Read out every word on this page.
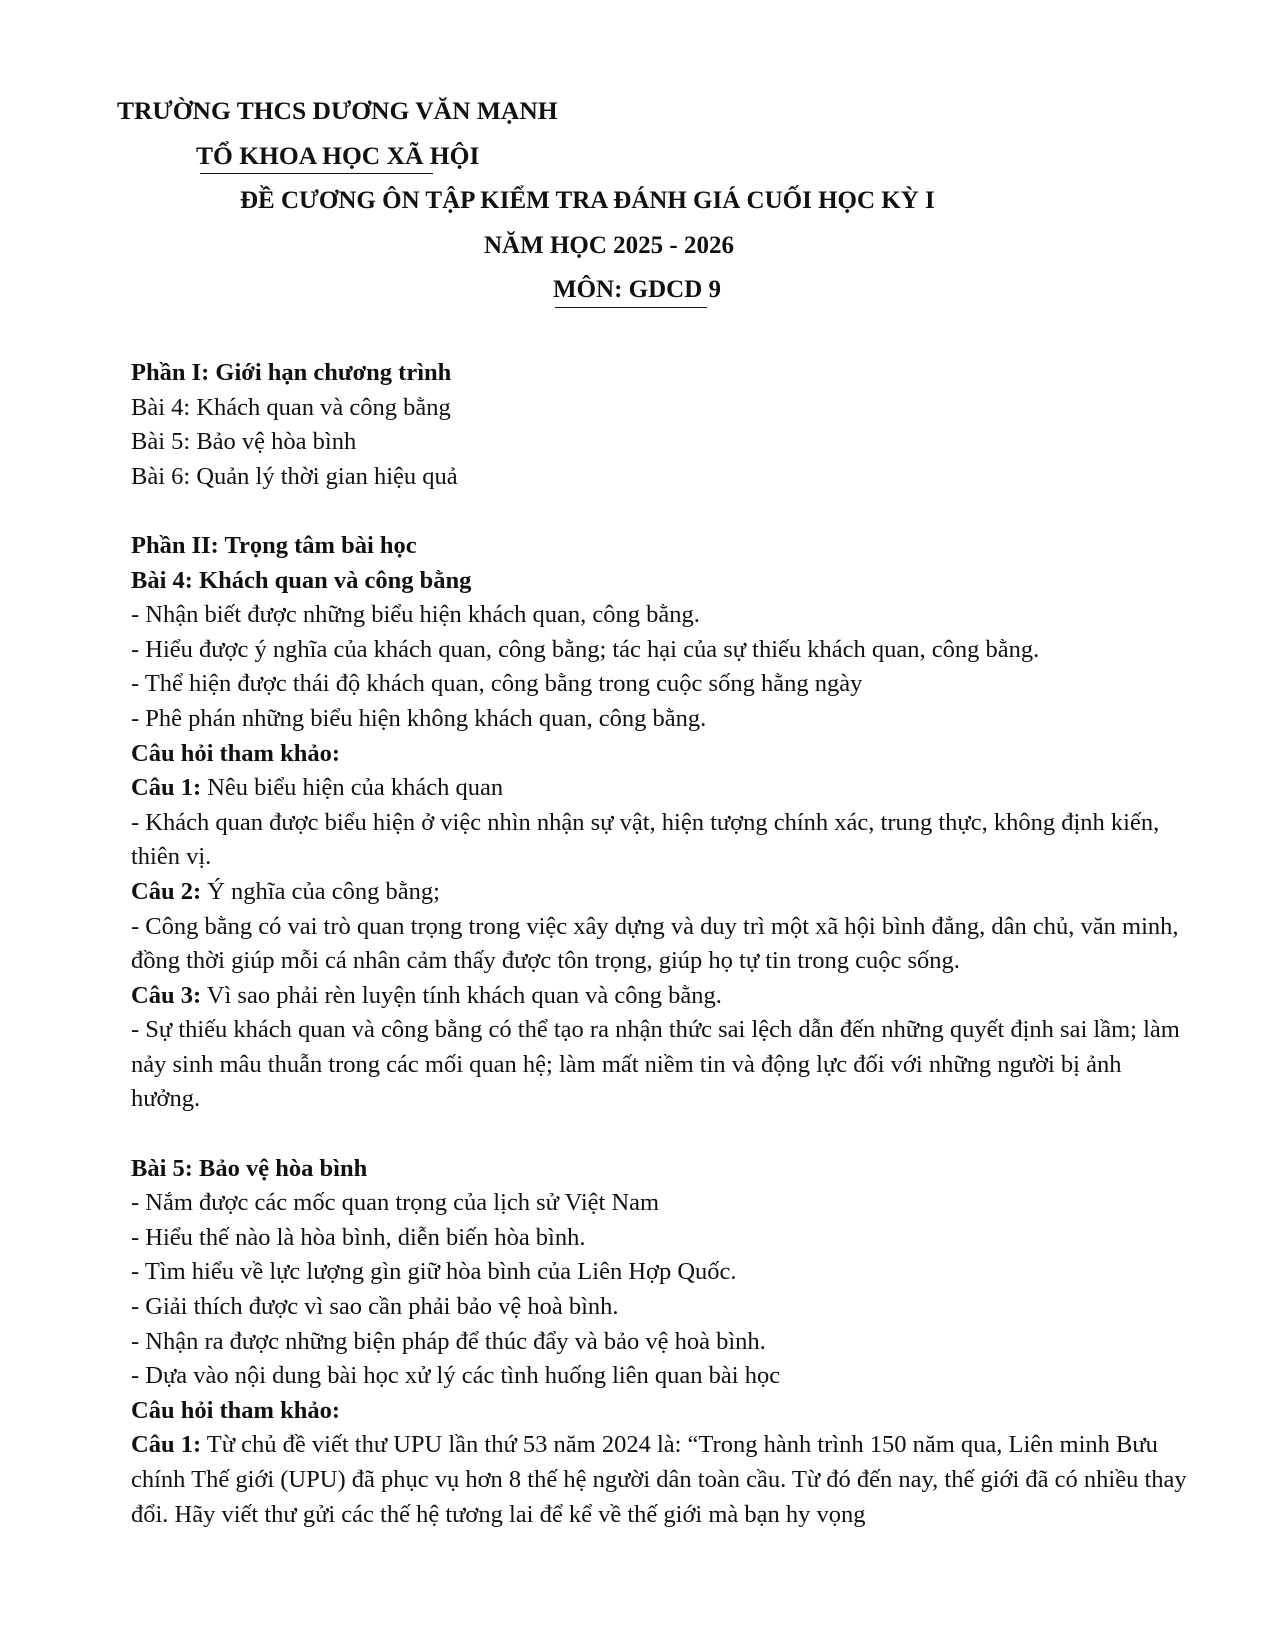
TRƯỜNG THCS DƯƠNG VĂN MẠNH
TỔ KHOA HỌC XÃ HỘI
ĐỀ CƯƠNG ÔN TẬP KIỂM TRA ĐÁNH GIÁ CUỐI HỌC KỲ I
NĂM HỌC 2025 - 2026
MÔN: GDCD 9

Phần I: Giới hạn chương trình

Bài 4: Khách quan và công bằng

Bài 5: Bảo vệ hòa bình

Bài 6: Quản lý thời gian hiệu quả

Phần II: Trọng tâm bài học

Bài 4: Khách quan và công bằng

- Nhận biết được những biểu hiện khách quan, công bằng.

- Hiểu được ý nghĩa của khách quan, công bằng; tác hại của sự thiếu khách quan, công bằng.

- Thể hiện được thái độ khách quan, công bằng trong cuộc sống hằng ngày

- Phê phán những biểu hiện không khách quan, công bằng.

Câu hỏi tham khảo:

Câu 1: Nêu biểu hiện của khách quan

- Khách quan được biểu hiện ở việc nhìn nhận sự vật, hiện tượng chính xác, trung thực, không định kiến, thiên vị.

Câu 2: Ý nghĩa của công bằng;

- Công bằng có vai trò quan trọng trong việc xây dựng và duy trì một xã hội bình đẳng, dân chủ, văn minh, đồng thời giúp mỗi cá nhân cảm thấy được tôn trọng, giúp họ tự tin trong cuộc sống.

Câu 3: Vì sao phải rèn luyện tính khách quan và công bằng.

- Sự thiếu khách quan và công bằng có thể tạo ra nhận thức sai lệch dẫn đến những quyết định sai lầm; làm nảy sinh mâu thuẫn trong các mối quan hệ; làm mất niềm tin và động lực đối với những người bị ảnh hưởng.

Bài 5: Bảo vệ hòa bình

- Nắm được các mốc quan trọng của lịch sử Việt Nam

- Hiểu thế nào là hòa bình, diễn biến hòa bình.

- Tìm hiểu về lực lượng gìn giữ hòa bình của Liên Hợp Quốc.

- Giải thích được vì sao cần phải bảo vệ hoà bình.

- Nhận ra được những biện pháp để thúc đẩy và bảo vệ hoà bình.

- Dựa vào nội dung bài học xử lý các tình huống liên quan bài học

Câu hỏi tham khảo:

Câu 1: Từ chủ đề viết thư UPU lần thứ 53 năm 2024 là: “Trong hành trình 150 năm qua, Liên minh Bưu chính Thế giới (UPU) đã phục vụ hơn 8 thế hệ người dân toàn cầu. Từ đó đến nay, thế giới đã có nhiều thay đổi. Hãy viết thư gửi các thế hệ tương lai để kể về thế giới mà bạn hy vọng
